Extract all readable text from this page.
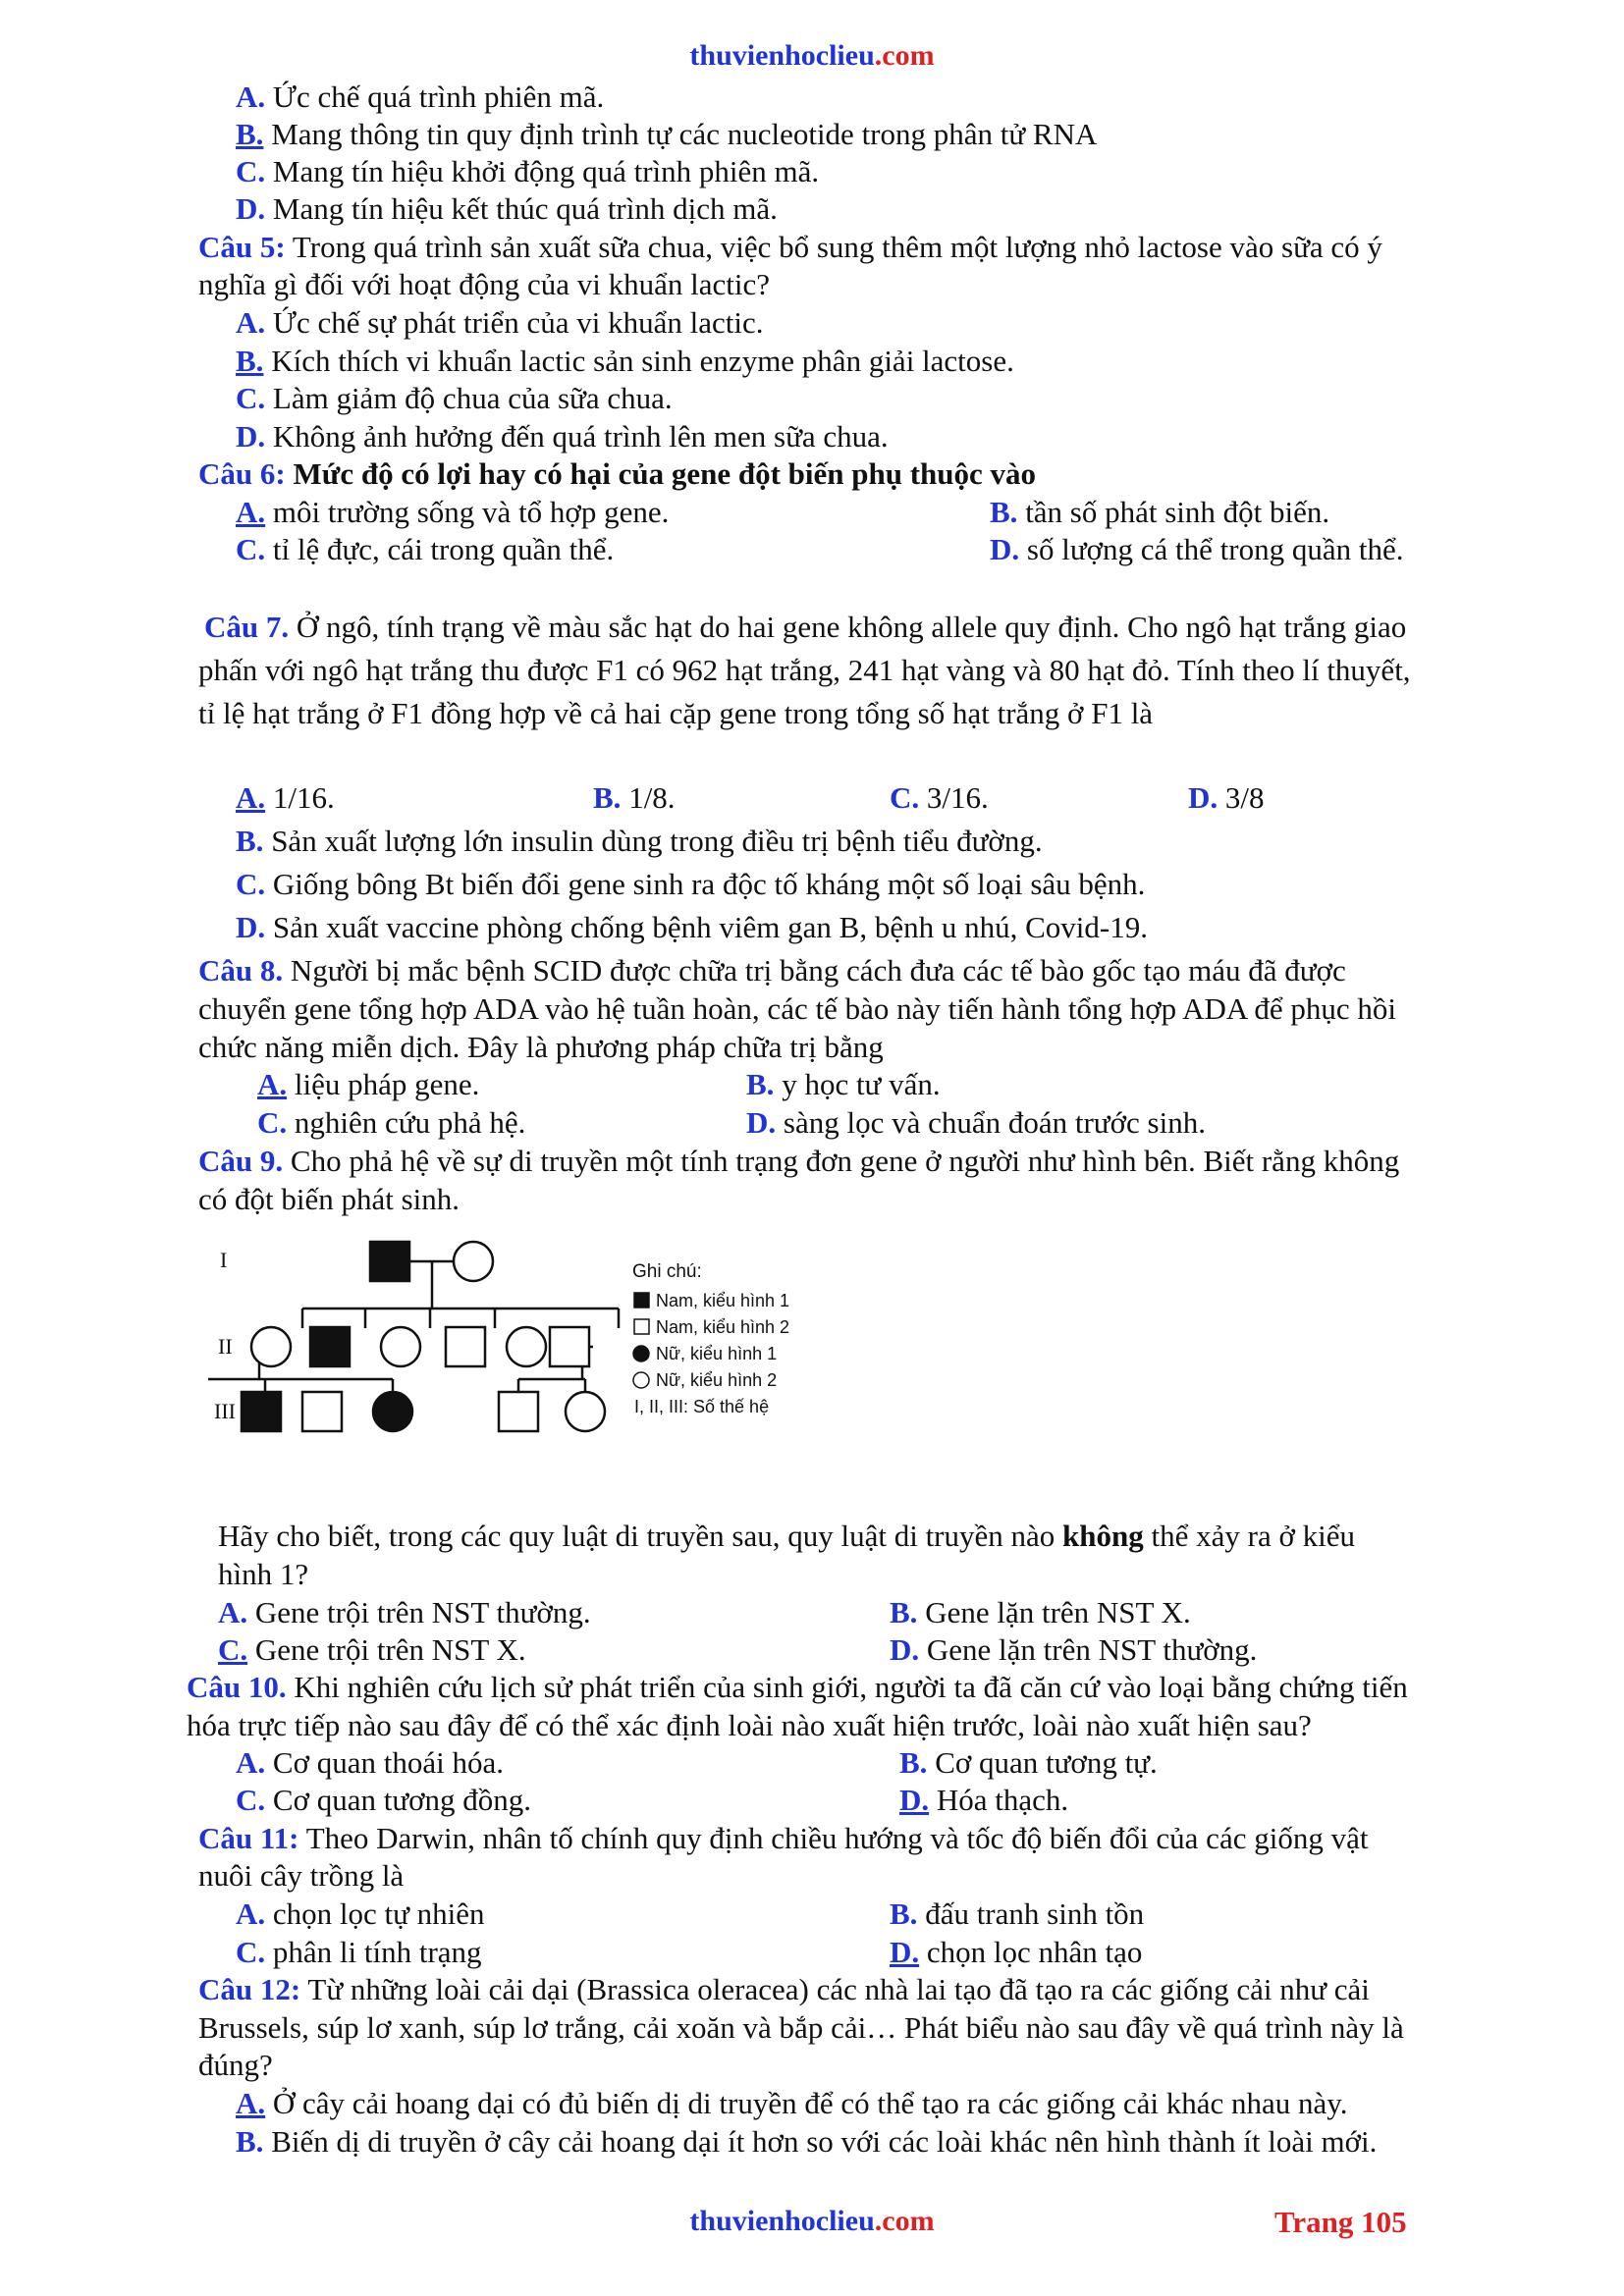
thuvienhoclieu.com
A. Ức chế quá trình phiên mã.
B. Mang thông tin quy định trình tự các nucleotide trong phân tử RNA
C. Mang tín hiệu khởi động quá trình phiên mã.
D. Mang tín hiệu kết thúc quá trình dịch mã.
Câu 5: Trong quá trình sản xuất sữa chua, việc bổ sung thêm một lượng nhỏ lactose vào sữa có ý
nghĩa gì đối với hoạt động của vi khuẩn lactic?
A. Ức chế sự phát triển của vi khuẩn lactic.
B. Kích thích vi khuẩn lactic sản sinh enzyme phân giải lactose.
C. Làm giảm độ chua của sữa chua.
D. Không ảnh hưởng đến quá trình lên men sữa chua.
Câu 6: Mức độ có lợi hay có hại của gene đột biến phụ thuộc vào
A. môi trường sống và tổ hợp gene.	B. tần số phát sinh đột biến.
C. tỉ lệ đực, cái trong quần thể.	D. số lượng cá thể trong quần thể.
Câu 7. Ở ngô, tính trạng về màu sắc hạt do hai gene không allele quy định. Cho ngô hạt trắng giao
phấn với ngô hạt trắng thu được F1 có 962 hạt trắng, 241 hạt vàng và 80 hạt đỏ. Tính theo lí thuyết,
tỉ lệ hạt trắng ở F1 đồng hợp về cả hai cặp gene trong tổng số hạt trắng ở F1 là
A. 1/16.	B. 1/8.	C. 3/16.	D. 3/8
B. Sản xuất lượng lớn insulin dùng trong điều trị bệnh tiểu đường.
C. Giống bông Bt biến đổi gene sinh ra độc tố kháng một số loại sâu bệnh.
D. Sản xuất vaccine phòng chống bệnh viêm gan B, bệnh u nhú, Covid-19.
Câu 8. Người bị mắc bệnh SCID được chữa trị bằng cách đưa các tế bào gốc tạo máu đã được
chuyển gene tổng hợp ADA vào hệ tuần hoàn, các tế bào này tiến hành tổng hợp ADA để phục hồi
chức năng miễn dịch. Đây là phương pháp chữa trị bằng
A. liệu pháp gene.	B. y học tư vấn.
C. nghiên cứu phả hệ.	D. sàng lọc và chuẩn đoán trước sinh.
Câu 9. Cho phả hệ về sự di truyền một tính trạng đơn gene ở người như hình bên. Biết rằng không
có đột biến phát sinh.
I
II
III
Ghi chú:
Nam, kiểu hình 1
Nam, kiểu hình 2
Nữ, kiểu hình 1
Nữ, kiểu hình 2
I, II, III: Số thế hệ
Hãy cho biết, trong các quy luật di truyền sau, quy luật di truyền nào không thể xảy ra ở kiểu
hình 1?
A. Gene trội trên NST thường.	B. Gene lặn trên NST X.
C. Gene trội trên NST X.	D. Gene lặn trên NST thường.
Câu 10. Khi nghiên cứu lịch sử phát triển của sinh giới, người ta đã căn cứ vào loại bằng chứng tiến
hóa trực tiếp nào sau đây để có thể xác định loài nào xuất hiện trước, loài nào xuất hiện sau?
A. Cơ quan thoái hóa.	B. Cơ quan tương tự.
C. Cơ quan tương đồng.	D. Hóa thạch.
Câu 11: Theo Darwin, nhân tố chính quy định chiều hướng và tốc độ biến đổi của các giống vật
nuôi cây trồng là
A. chọn lọc tự nhiên	B. đấu tranh sinh tồn
C. phân li tính trạng	D. chọn lọc nhân tạo
Câu 12: Từ những loài cải dại (Brassica oleracea) các nhà lai tạo đã tạo ra các giống cải như cải
Brussels, súp lơ xanh, súp lơ trắng, cải xoăn và bắp cải… Phát biểu nào sau đây về quá trình này là
đúng?
A. Ở cây cải hoang dại có đủ biến dị di truyền để có thể tạo ra các giống cải khác nhau này.
B. Biến dị di truyền ở cây cải hoang dại ít hơn so với các loài khác nên hình thành ít loài mới.
thuvienhoclieu.com	Trang 105
